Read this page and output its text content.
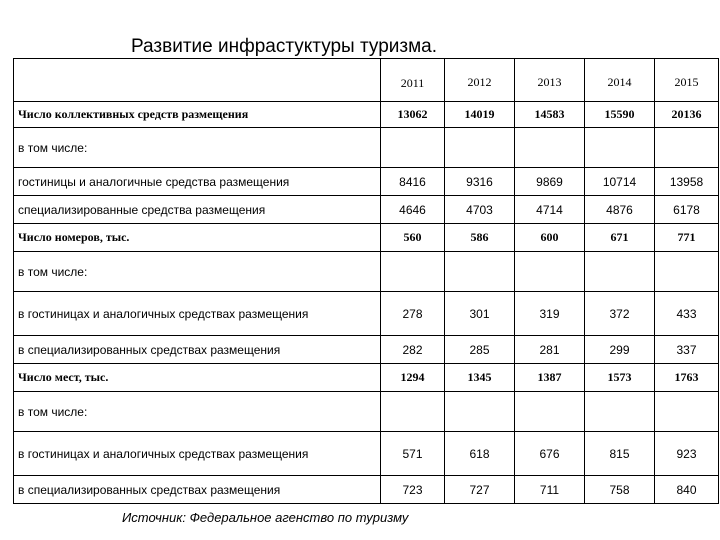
Развитие инфрастуктуры туризма.
	2011	2012	2013	2014	2015
Число коллективных средств размещения	13062	14019	14583	15590	20136
в том числе:					
гостиницы и аналогичные средства размещения	8416	9316	9869	10714	13958
специализированные средства размещения	4646	4703	4714	4876	6178
Число номеров, тыс.	560	586	600	671	771
в том числе:					
в гостиницах и аналогичных средствах размещения	278	301	319	372	433
в специализированных средствах размещения	282	285	281	299	337
Число мест, тыс.	1294	1345	1387	1573	1763
в том числе:					
в гостиницах и аналогичных средствах размещения	571	618	676	815	923
в специализированных средствах размещения	723	727	711	758	840
Источник: Федеральное агенство по туризму
